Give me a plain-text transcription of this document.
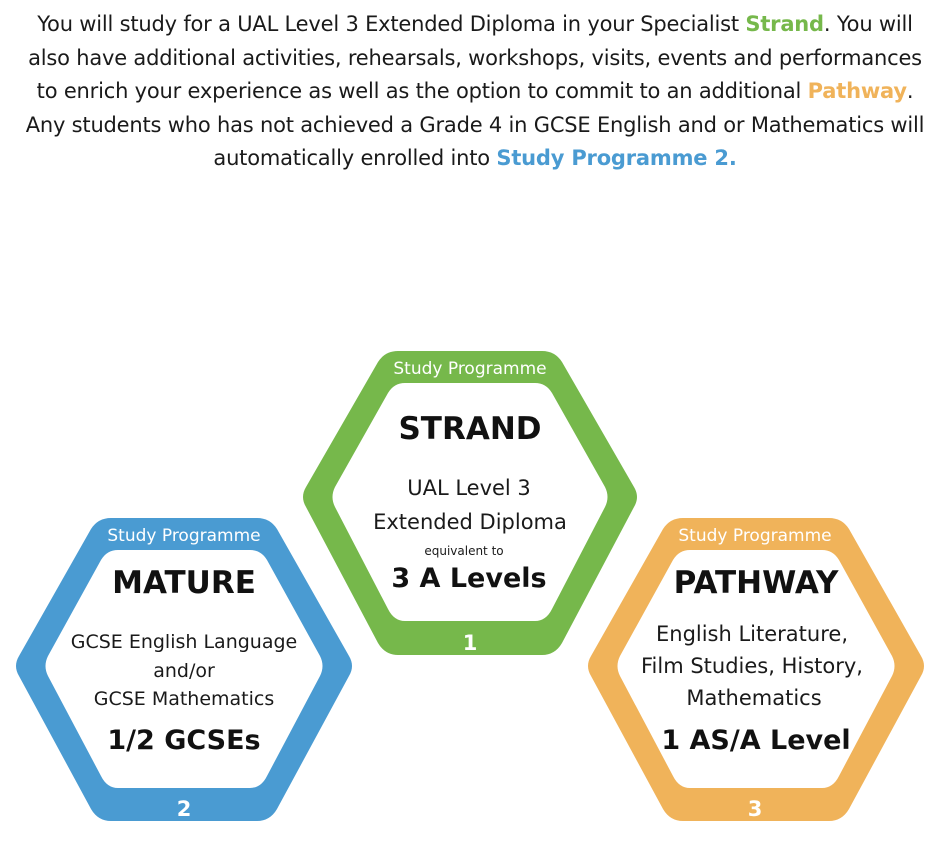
You will study for a UAL Level 3 Extended Diploma in your Specialist Strand. You will also have additional activities, rehearsals, workshops, visits, events and performances to enrich your experience as well as the option to commit to an additional Pathway. Any students who has not achieved a Grade 4 in GCSE English and or Mathematics will automatically enrolled into Study Programme 2.
Study Programme
STRAND
UAL Level 3
Extended Diploma
equivalent to
3 A Levels
1
Study Programme
MATURE
GCSE English Language
and/or
GCSE Mathematics
1/2 GCSEs
2
Study Programme
PATHWAY
English Literature,
Film Studies, History,
Mathematics
1 AS/A Level
3
